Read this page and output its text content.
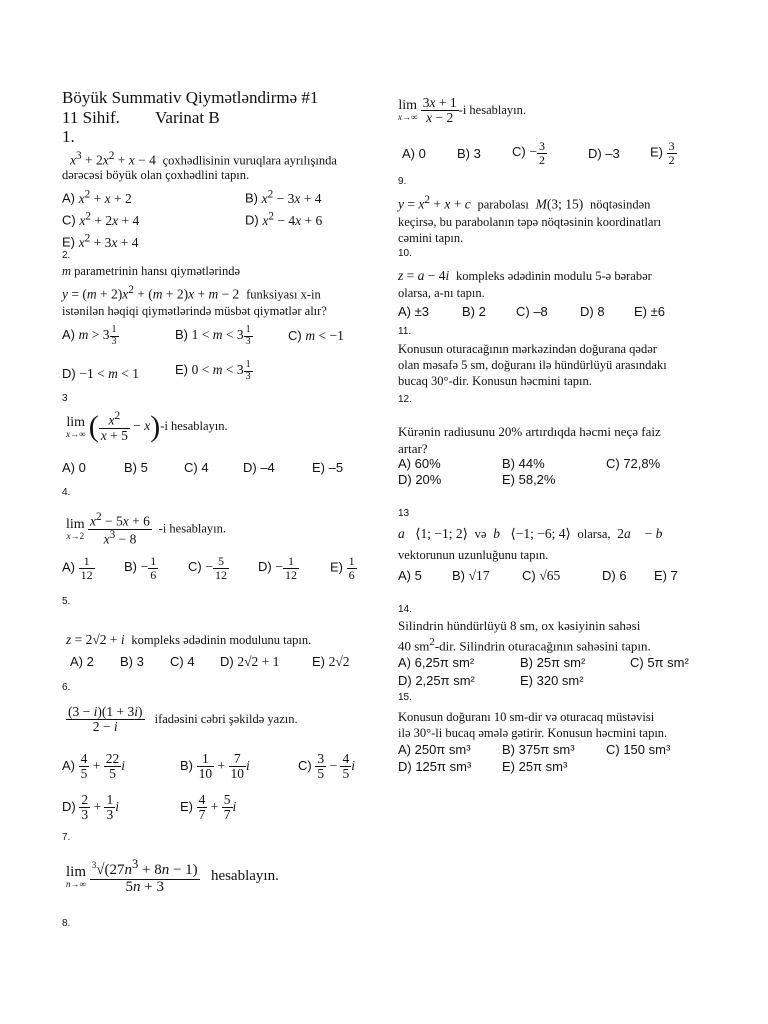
Böyük Summativ Qiymətləndirmə #1
11 Sihif. Varinat B
1.
$x^3 + 2x^2 + x - 4$  çoxhədlisinin vuruqlara ayrılışında
dərəcəsi böyük olan çoxhədlini tapın.
A) $x^2 + x + 2$	B) $x^2 - 3x + 4$
C) $x^2 + 2x + 4$	D) $x^2 - 4x + 6$
E) $x^2 + 3x + 4$
2.
m parametrinin hansı qiymətlərində
$y = (m + 2)x^2 + (m + 2)x + m - 2$  funksiyası x-in
istənilən həqiqi qiymətlərində müsbət qiymətlər alır?
A) $m > 3 \frac{1}{3}$	B) $1 < m < 3 \frac{1}{3}$	C) m < −1
D) −1 < m < 1	E) $0 < m < 3 \frac{1}{3}$
3
lim
x→∞ ( $\frac{x^2}{x + 5} - x)-i$ hesablayın.
A) 0	B) 5	C) 4	D) –4	E) –5
4.
lim
x→2
$\frac{x^2 - 5x + 6}{x^3 - 8} -i$ hesablayın.
$A) \frac{1}{12} B) - \frac{1}{6} C) - \frac{5}{12} D) - \frac{1}{12} E) \frac{1}{6}$
5.
z = 2√2 + i kompleks ədədinin modulunu tapın.
A) 2 B) 3 C) 4 D) 2√2 + 1	E) 2√2
6.
$\frac{(3 - i)(1 + 3i)}{2 - i}$ ifadəsini cəbri şəkildə yazın.
$A) \frac{4}{5} + \frac{22}{5}$ i	$B) \frac{1}{10} + \frac{7}{10}$ i	$C) \frac{3}{5} - \frac{4}{5}$ i
$D) \frac{2}{3} + \frac{1}{3}$ i	$E) \frac{4}{7} + \frac{5}{7}$ i
7.
lim
n→∞
$\frac{^3√(27n^3 + 8n - 1)}{5n + 3}$ hesablayın.
8.
lim
x→∞
$\frac{3x + 1}{x - 2} -i$ hesablayın.
A) 0 B) 3 $C) - \frac{3}{2}$	D) –3 $E) \frac{3}{2}$
9.
$y = x^2 + x + c$ parabolası M(3; 15)  nöqtəsindən
keçirsə, bu parabolanın təpə nöqtəsinin koordinatları
cəmini tapın.
10.
z = a − 4i kompleks ədədinin modulu 5-ə bərabər
olarsa, a-nı tapın.
A) ±3	B) 2 C) –8 D) 8 E) ±6
11.
Konusun oturacağının mərkəzindən doğurana qədər
olan məsafə 5 sm, doğuranı ilə hündürlüyü arasındakı
bucaq 30°-dir. Konusun həcmini tapın.
12.
Kürənin radiusunu 20% artırdıqda həcmi neçə faiz
artar?
A) 60%	B) 44%	C) 72,8%
D) 20%	E) 58,2%
13
a⃗⟨1; −1; 2⟩  və b⃗⟨−1; −6; 4⟩  olarsa,  2a⃗ − b⃗
vektorunun uzunluğunu tapın.
A) 5 B) √17 C) √65	D) 6 E) 7
14.
Silindrin hündürlüyü 8 sm, ox kəsiyinin sahəsi
40 $sm^2$-dir. Silindrin oturacağının sahəsini tapın.
A) 6,25π sm²	B) 25π sm²	C) 5π sm²
D) 2,25π sm²	E) 320 sm²
15.
Konusun doğuranı 10 sm-dir və oturacaq müstəvisi
ilə 30°-li bucaq əmələ gətirir. Konusun həcmini tapın.
A) 250π sm³ B) 375π sm³ C) 150 sm³
D) 125π sm³ E) 25π sm³
